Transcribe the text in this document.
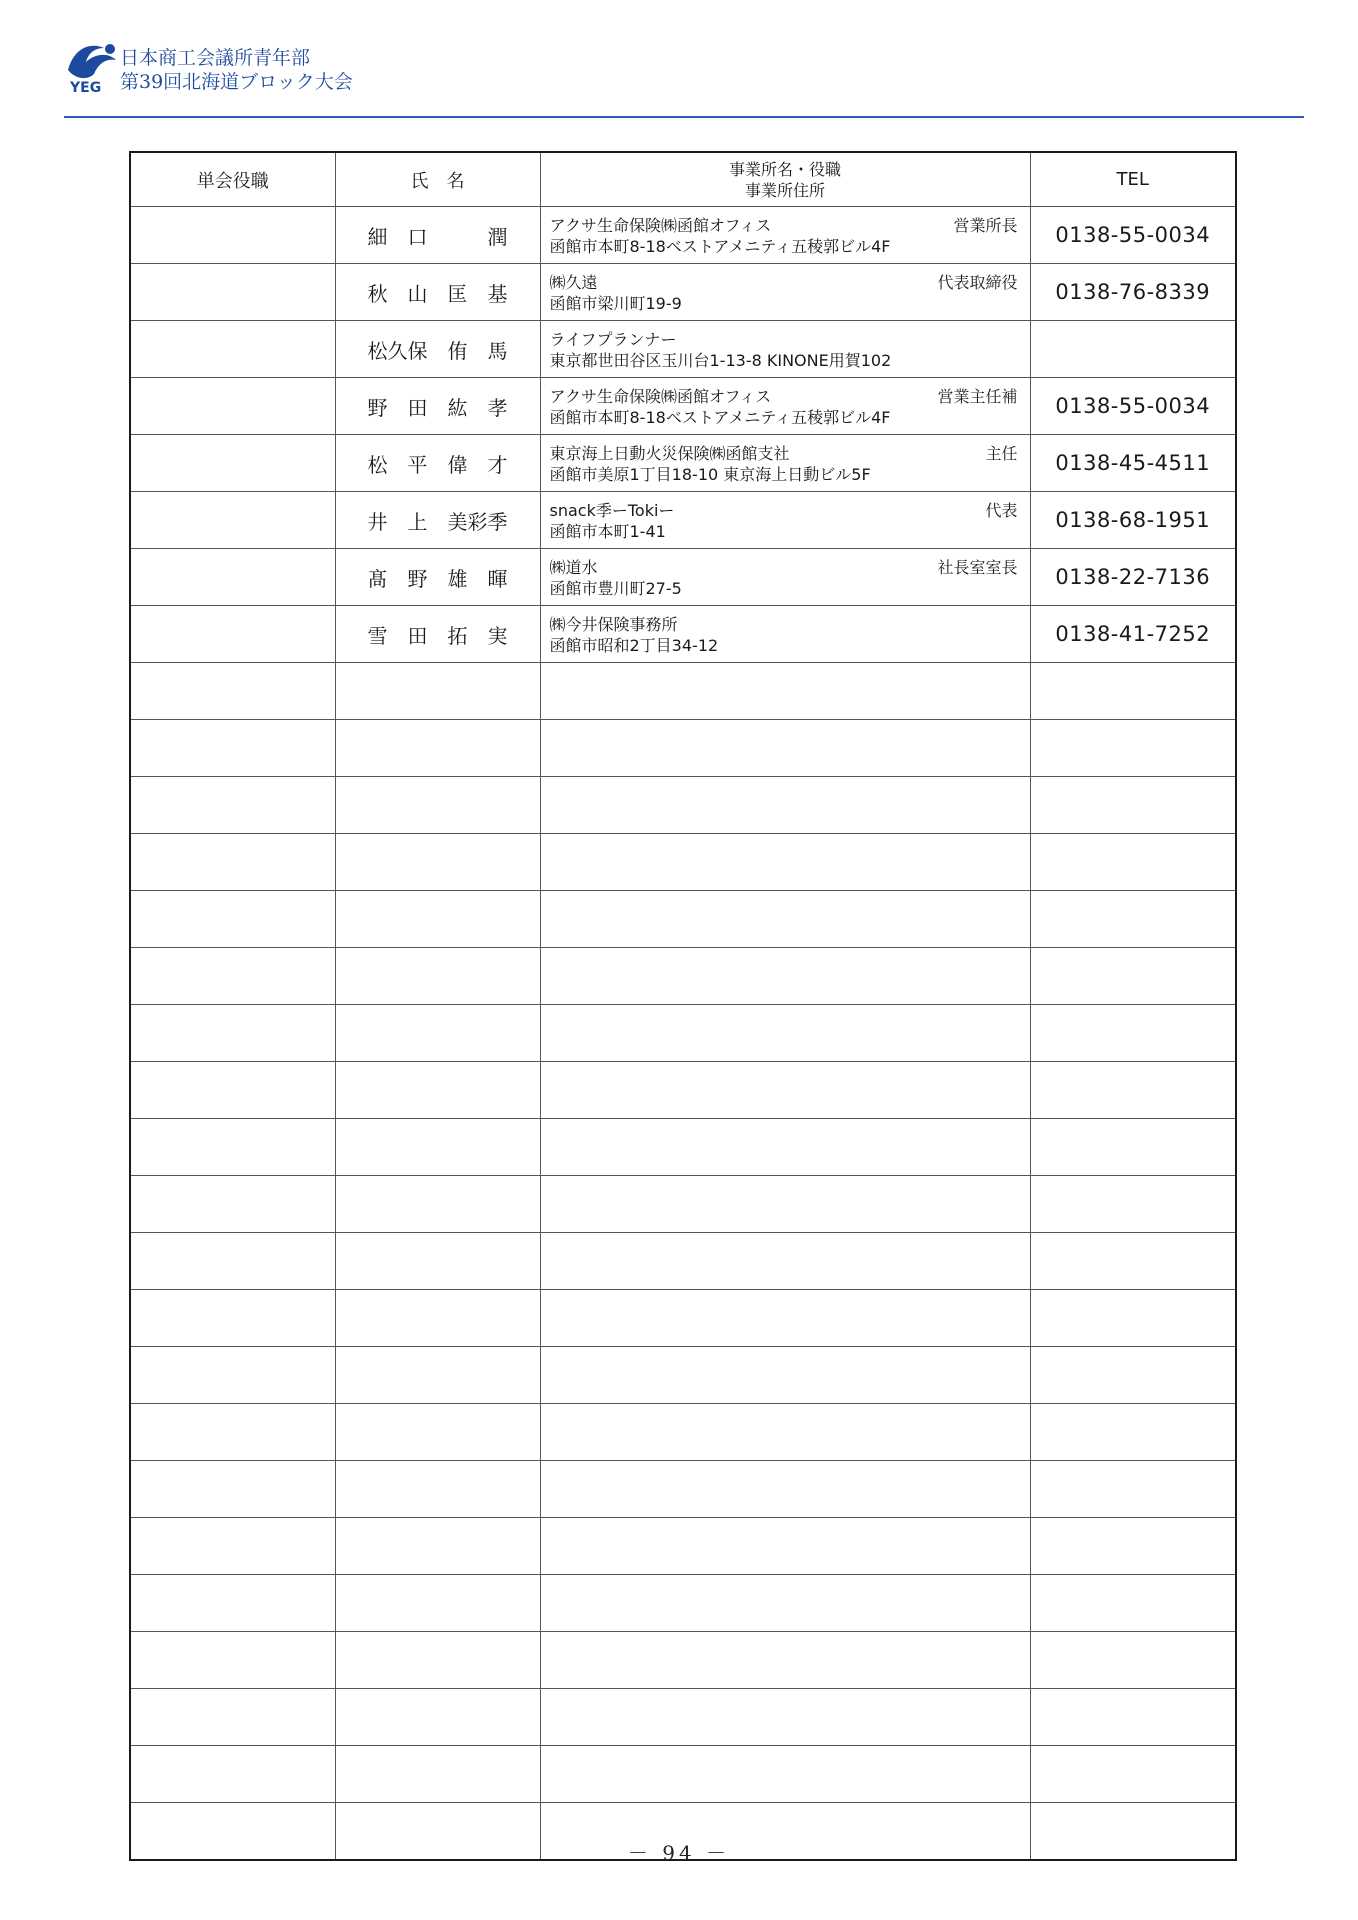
YEG
日本商工会議所青年部
第39回北海道ブロック大会
単会役職	氏　名	事業所名・役職
事業所住所	TEL
	細　口　　　潤	アクサ生命保険㈱函館オフィス 営業所長
函館市本町8-18ベストアメニティ五稜郭ビル4F	0138-55-0034
	秋　山　匡　基	㈱久遠 代表取締役
函館市梁川町19-9	0138-76-8339
	松久保　侑　馬	ライフプランナー
東京都世田谷区玉川台1-13-8 KINONE用賀102	

	野　田　紘　孝	アクサ生命保険㈱函館オフィス 営業主任補
函館市本町8-18ベストアメニティ五稜郭ビル4F	0138-55-0034
	松　平　偉　才	東京海上日動火災保険㈱函館支社 主任
函館市美原1丁目18-10 東京海上日動ビル5F	0138-45-4511
	井　上　美彩季	snack季ーTokiー 代表
函館市本町1-41	0138-68-1951
	髙　野　雄　暉	㈱道水 社長室室長
函館市豊川町27-5	0138-22-7136
	雪　田　拓　実	㈱今井保険事務所
函館市昭和2丁目34-12	0138-41-7252

－ 94 －
